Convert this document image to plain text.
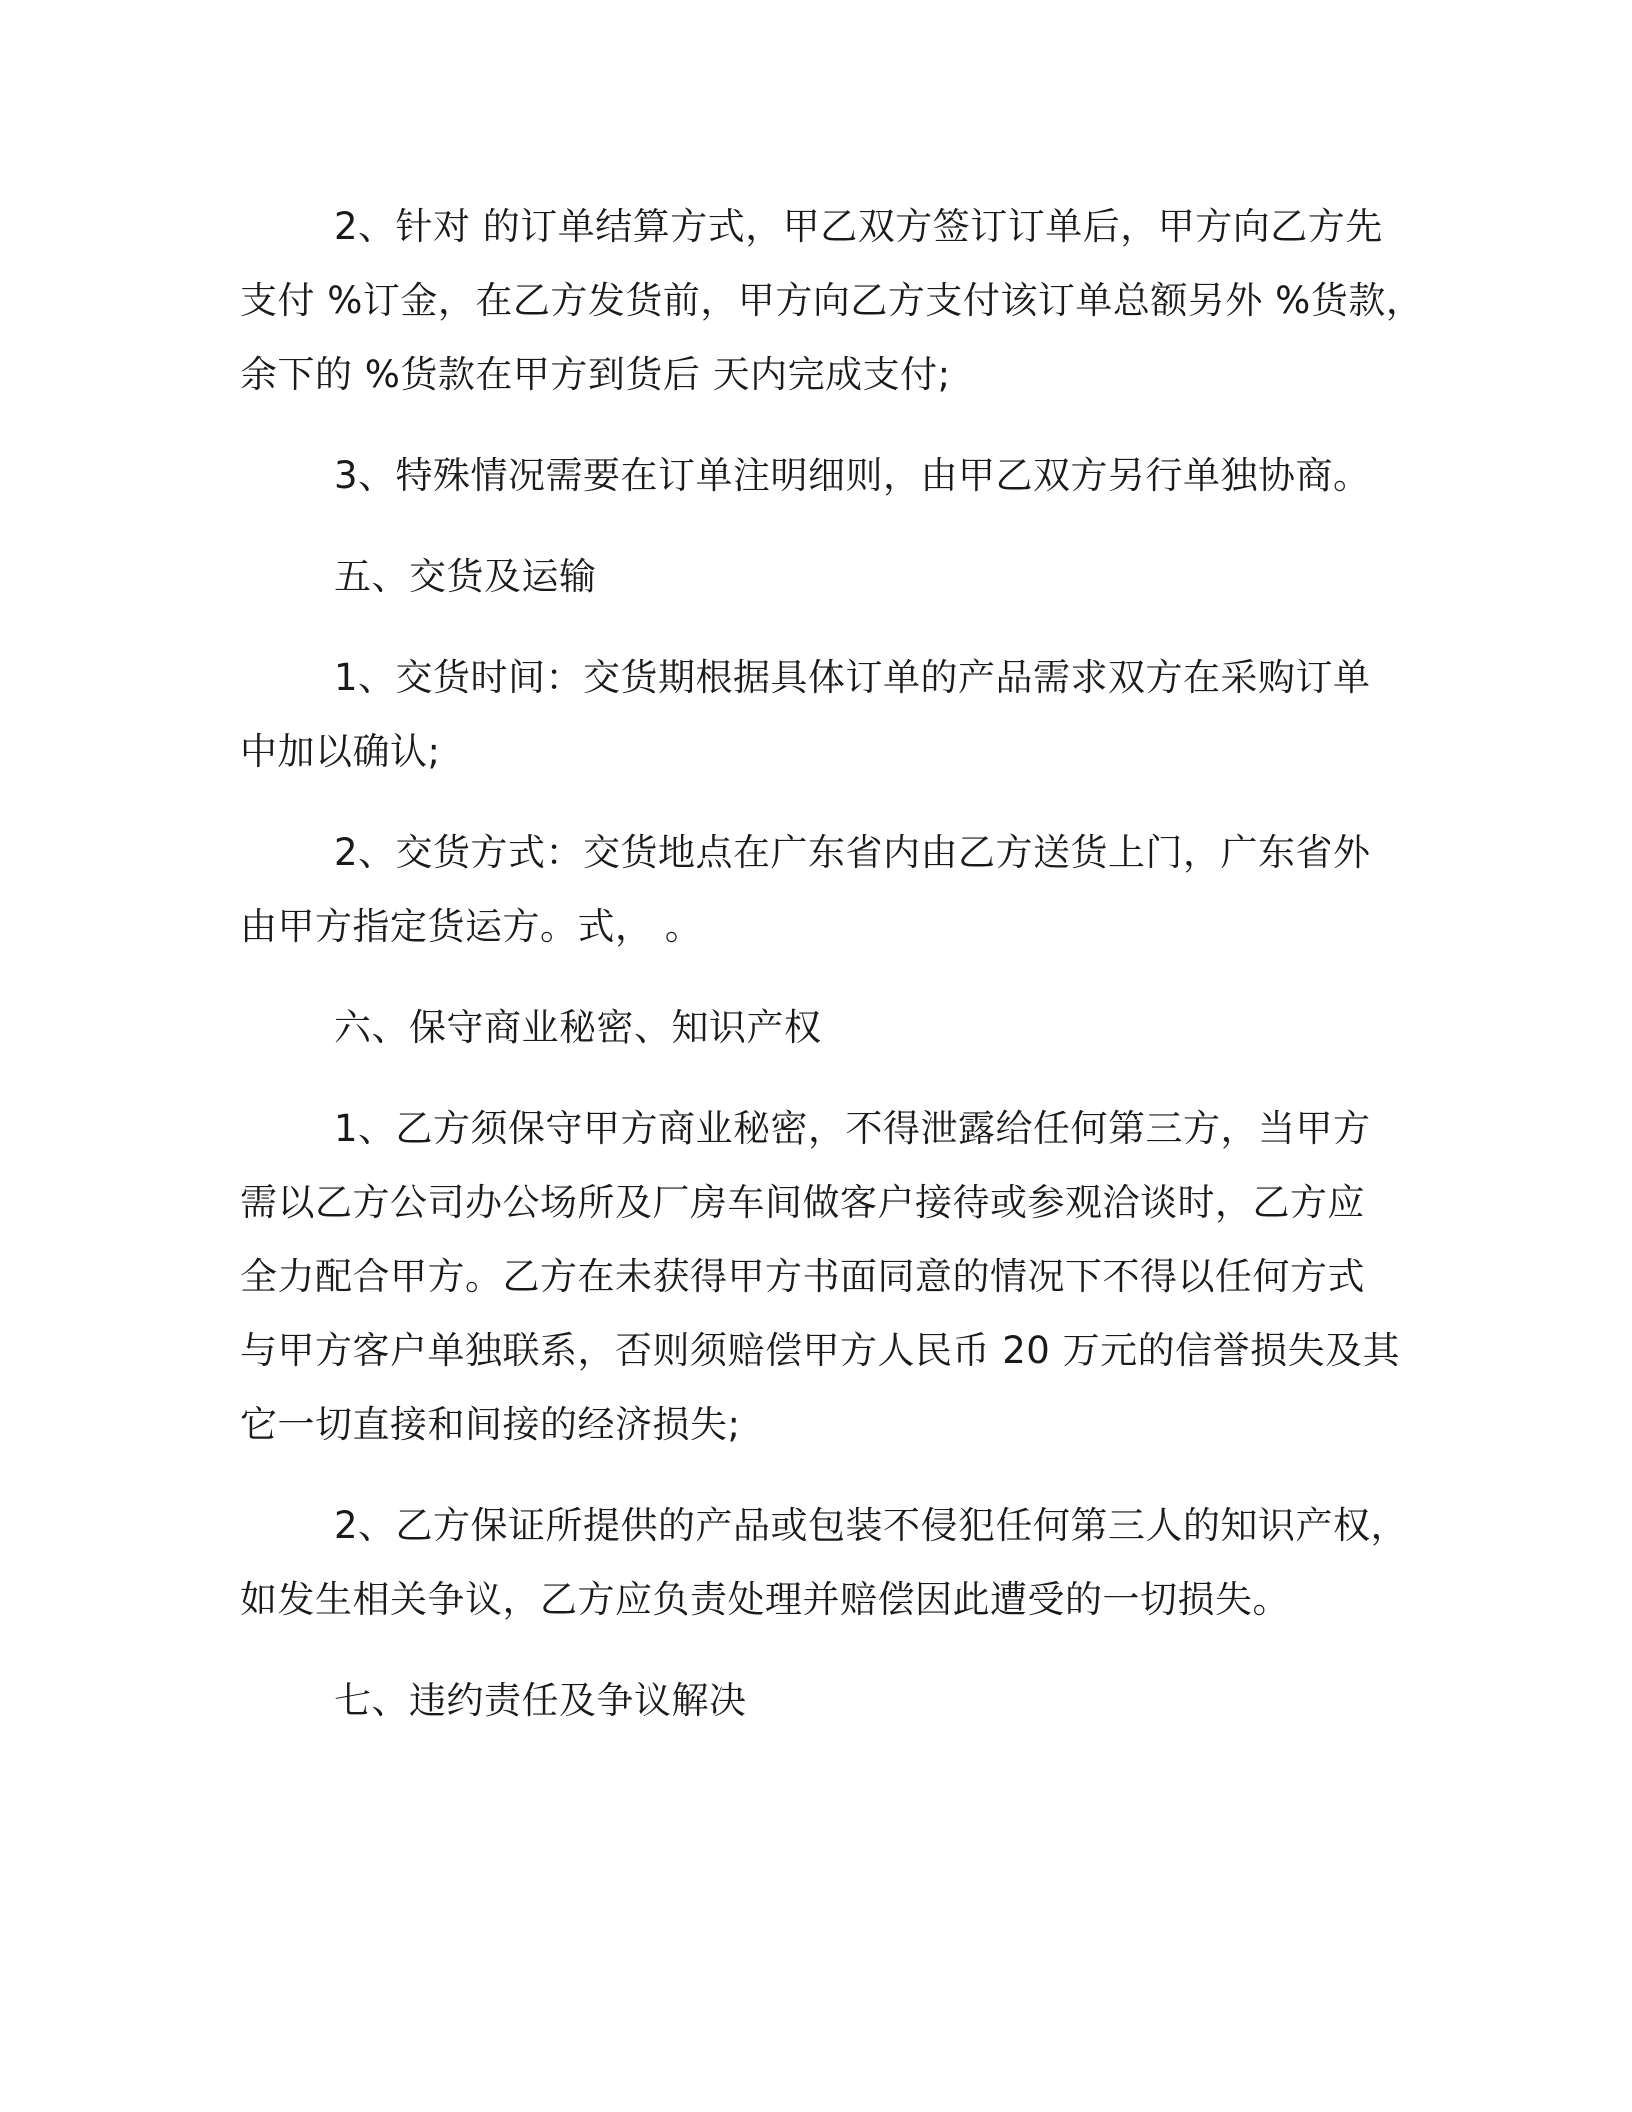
2、针对 的订单结算方式，甲乙双方签订订单后，甲方向乙方先
支付 %订金，在乙方发货前，甲方向乙方支付该订单总额另外 %货款，
余下的 %货款在甲方到货后 天内完成支付;
3、特殊情况需要在订单注明细则，由甲乙双方另行单独协商。
五、交货及运输
1、交货时间：交货期根据具体订单的产品需求双方在采购订单
中加以确认;
2、交货方式：交货地点在广东省内由乙方送货上门，广东省外
由甲方指定货运方。式， 。
六、保守商业秘密、知识产权
1、乙方须保守甲方商业秘密，不得泄露给任何第三方，当甲方
需以乙方公司办公场所及厂房车间做客户接待或参观洽谈时，乙方应
全力配合甲方。乙方在未获得甲方书面同意的情况下不得以任何方式
与甲方客户单独联系，否则须赔偿甲方人民币 20 万元的信誉损失及其
它一切直接和间接的经济损失;
2、乙方保证所提供的产品或包装不侵犯任何第三人的知识产权，
如发生相关争议，乙方应负责处理并赔偿因此遭受的一切损失。
七、违约责任及争议解决
